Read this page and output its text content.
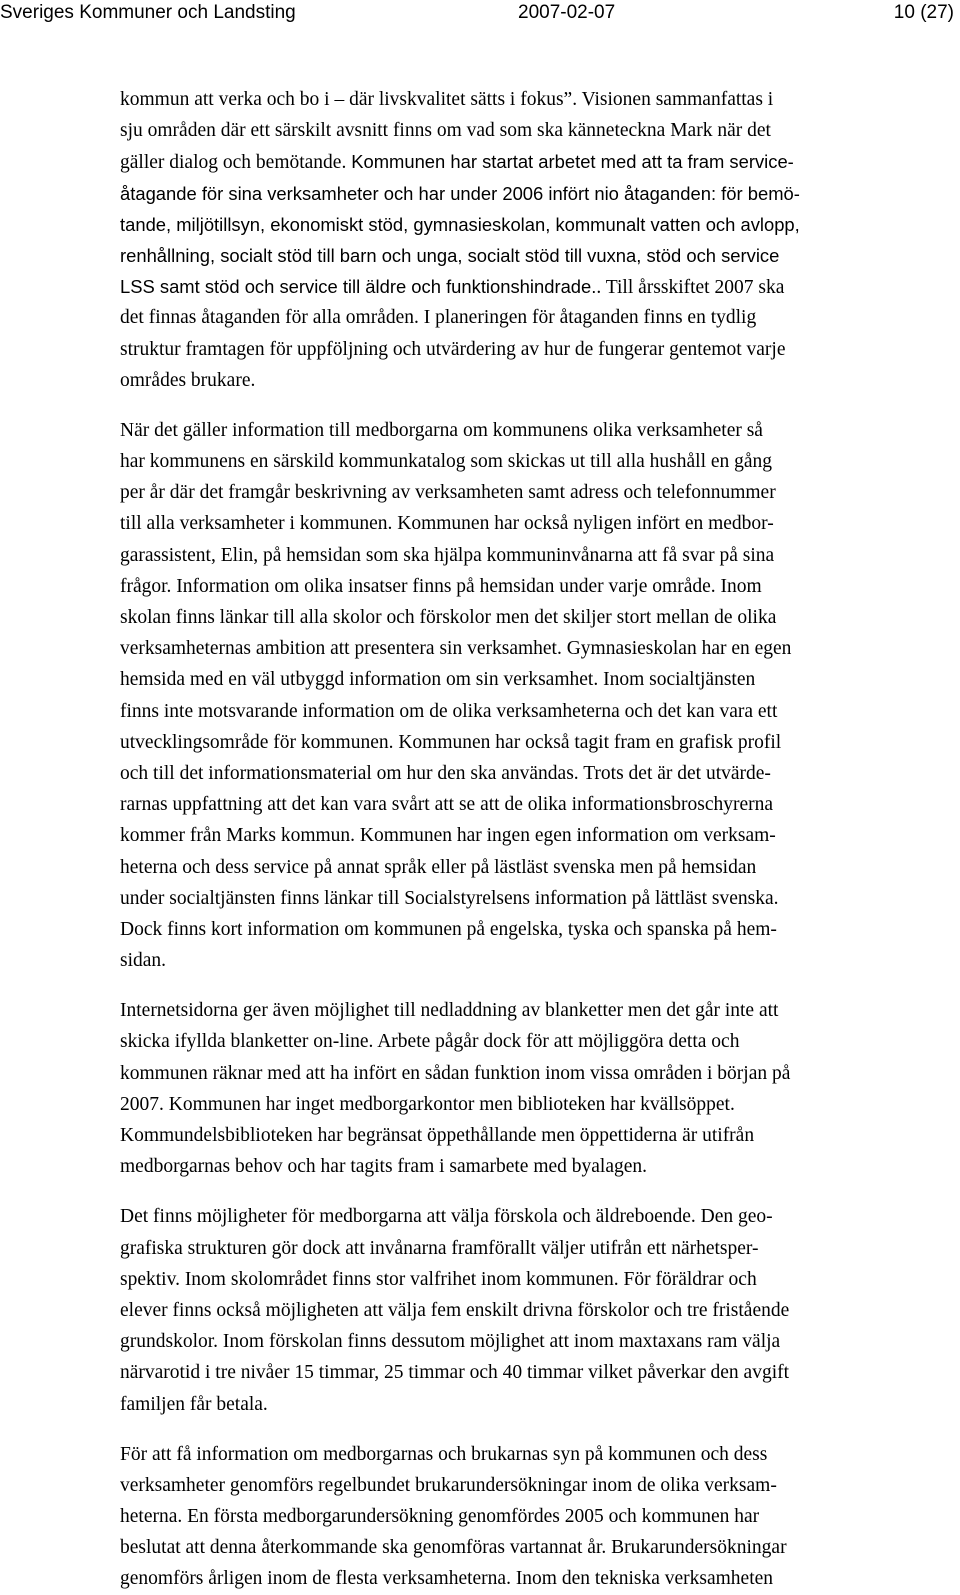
Sveriges Kommuner och Landsting	2007-02-07	10 (27)
kommun att verka och bo i – där livskvalitet sätts i fokus”. Visionen sammanfattas i
sju områden där ett särskilt avsnitt finns om vad som ska känneteckna Mark när det
gäller dialog och bemötande. Kommunen har startat arbetet med att ta fram service-
åtagande för sina verksamheter och har under 2006 infört nio åtaganden: för bemö-
tande, miljötillsyn, ekonomiskt stöd, gymnasieskolan, kommunalt vatten och avlopp,
renhållning, socialt stöd till barn och unga, socialt stöd till vuxna, stöd och service
LSS samt stöd och service till äldre och funktionshindrade.. Till årsskiftet 2007 ska
det finnas åtaganden för alla områden. I planeringen för åtaganden finns en tydlig
struktur framtagen för uppföljning och utvärdering av hur de fungerar gentemot varje
områdes brukare.
När det gäller information till medborgarna om kommunens olika verksamheter så
har kommunens en särskild kommunkatalog som skickas ut till alla hushåll en gång
per år där det framgår beskrivning av verksamheten samt adress och telefonnummer
till alla verksamheter i kommunen. Kommunen har också nyligen infört en medbor-
garassistent, Elin, på hemsidan som ska hjälpa kommuninvånarna att få svar på sina
frågor. Information om olika insatser finns på hemsidan under varje område. Inom
skolan finns länkar till alla skolor och förskolor men det skiljer stort mellan de olika
verksamheternas ambition att presentera sin verksamhet. Gymnasieskolan har en egen
hemsida med en väl utbyggd information om sin verksamhet. Inom socialtjänsten
finns inte motsvarande information om de olika verksamheterna och det kan vara ett
utvecklingsområde för kommunen. Kommunen har också tagit fram en grafisk profil
och till det informationsmaterial om hur den ska användas. Trots det är det utvärde-
rarnas uppfattning att det kan vara svårt att se att de olika informationsbroschyrerna
kommer från Marks kommun. Kommunen har ingen egen information om verksam-
heterna och dess service på annat språk eller på lästläst svenska men på hemsidan
under socialtjänsten finns länkar till Socialstyrelsens information på lättläst svenska.
Dock finns kort information om kommunen på engelska, tyska och spanska på hem-
sidan.
Internetsidorna ger även möjlighet till nedladdning av blanketter men det går inte att
skicka ifyllda blanketter on-line. Arbete pågår dock för att möjliggöra detta och
kommunen räknar med att ha infört en sådan funktion inom vissa områden i början på
2007. Kommunen har inget medborgarkontor men biblioteken har kvällsöppet.
Kommundelsbiblioteken har begränsat öppethållande men öppettiderna är utifrån
medborgarnas behov och har tagits fram i samarbete med byalagen.
Det finns möjligheter för medborgarna att välja förskola och äldreboende. Den geo-
grafiska strukturen gör dock att invånarna framförallt väljer utifrån ett närhetsper-
spektiv. Inom skolområdet finns stor valfrihet inom kommunen. För föräldrar och
elever finns också möjligheten att välja fem enskilt drivna förskolor och tre fristående
grundskolor. Inom förskolan finns dessutom möjlighet att inom maxtaxans ram välja
närvarotid i tre nivåer 15 timmar, 25 timmar och 40 timmar vilket påverkar den avgift
familjen får betala.
För att få information om medborgarnas och brukarnas syn på kommunen och dess
verksamheter genomförs regelbundet brukarundersökningar inom de olika verksam-
heterna. En första medborgarundersökning genomfördes 2005 och kommunen har
beslutat att denna återkommande ska genomföras vartannat år. Brukarundersökningar
genomförs årligen inom de flesta verksamheterna. Inom den tekniska verksamheten
